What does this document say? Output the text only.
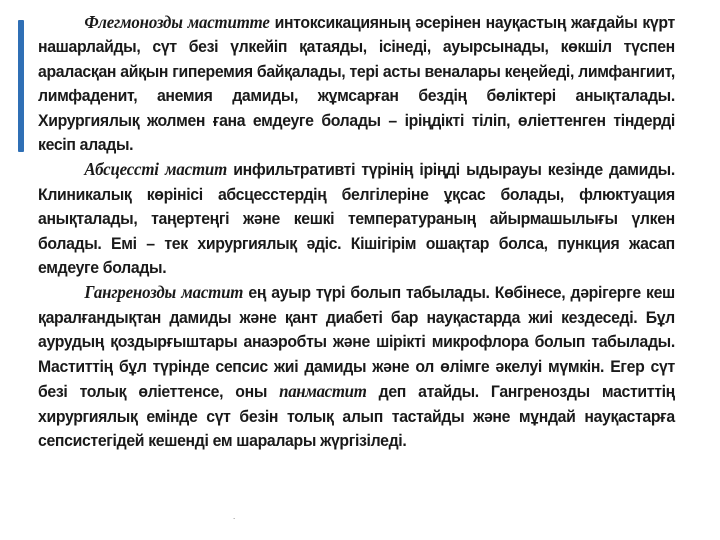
Флегмонозды маститте интоксикацияның әсерінен науқастың жағдайы күрт нашарлайды, сүт безі үлкейіп қатаяды, ісінеді, ауырсынады, көкшіл түспен араласқан айқын гиперемия байқалады, тері асты веналары кеңейеді, лимфангиит, лимфаденит, анемия дамиды, жұмсарған бездің бөліктері анықталады. Хирургиялық жолмен ғана емдеуге болады – іріңдікті тіліп, өліеттенген тіндерді кесіп алады.

Абсцессті мастит инфильтративті түрінің іріңді ыдырауы кезінде дамиды. Клиникалық көрінісі абсцесстердің белгілеріне ұқсас болады, флюктуация анықталады, таңертеңгі және кешкі температураның айырмашылығы үлкен болады. Емі – тек хирургиялық әдіс. Кішігірім ошақтар болса, пункция жасап емдеуге болады.

Гангренозды мастит ең ауыр түрі болып табылады. Көбінесе, дәрігерге кеш қаралғандықтан дамиды және қант диабеті бар науқастарда жиі кездеседі. Бұл аурудың қоздырғыштары анаэробты және шірікті микрофлора болып табылады. Маститтің бұл түрінде сепсис жиі дамиды және ол өлімге әкелуі мүмкін. Егер сүт безі толық өліеттенсе, оны панмастит деп атайды. Гангренозды маститтің хирургиялық емінде сүт безін толық алып тастайды және мұндай науқастарға сепсистегідей кешенді ем шаралары жүргізіледі.

.
